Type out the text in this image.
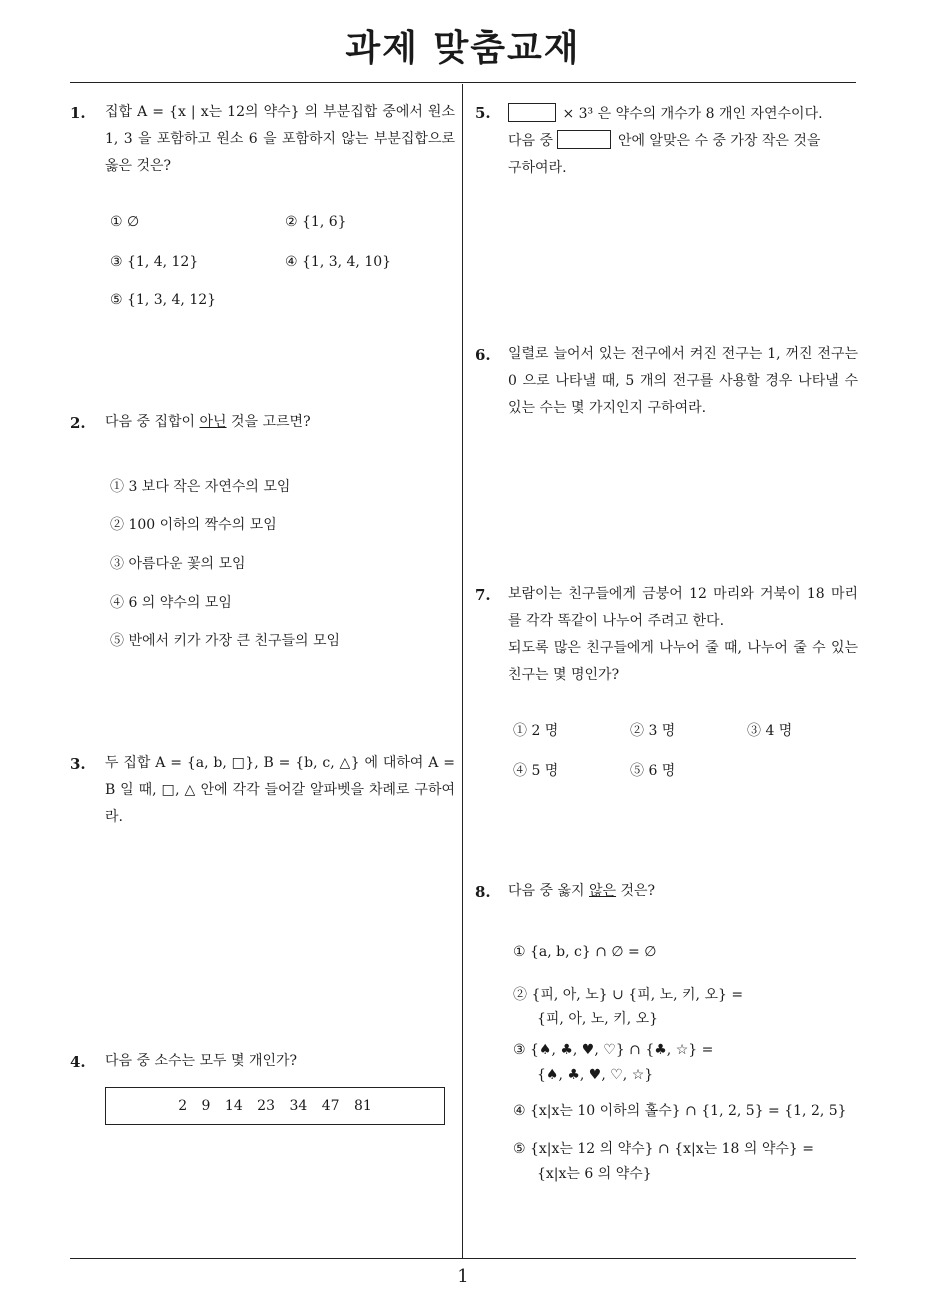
과제 맞춤교재
1. 집합 A = {x | x는 12의 약수} 의 부분집합 중에서 원소 1, 3 을 포함하고 원소 6 을 포함하지 않는 부분집합으로 옳은 것은?
① ∅	② {1, 6}
③ {1, 4, 12}	④ {1, 3, 4, 10}
⑤ {1, 3, 4, 12}
2. 다음 중 집합이 아닌 것을 고르면?
① 3 보다 작은 자연수의 모임
② 100 이하의 짝수의 모임
③ 아름다운 꽃의 모임
④ 6 의 약수의 모임
⑤ 반에서 키가 가장 큰 친구들의 모임
3. 두 집합 A = {a, b, □}, B = {b, c, △} 에 대하여 A = B 일 때, □, △ 안에 각각 들어갈 알파벳을 차례로 구하여라.
4. 다음 중 소수는 모두 몇 개인가?
2 9 14 23 34 47 81
5.	× 3³ 은 약수의 개수가 8 개인 자연수이다.

다음 중	안에 알맞은 수 중 가장 작은 것을

구하여라.

6. 일렬로 늘어서 있는 전구에서 켜진 전구는 1, 꺼진 전구는 0 으로 나타낼 때, 5 개의 전구를 사용할 경우 나타낼 수 있는 수는 몇 가지인지 구하여라.
7. 보람이는 친구들에게 금붕어 12 마리와 거북이 18 마리를 각각 똑같이 나누어 주려고 한다.

되도록 많은 친구들에게 나누어 줄 때, 나누어 줄 수 있는 친구는 몇 명인가?

① 2 명	② 3 명	③ 4 명
④ 5 명	⑤ 6 명
8. 다음 중 옳지 않은 것은?
① {a, b, c} ∩ ∅ = ∅
② {피, 아, 노} ∪ {피, 노, 키, 오} =
{피, 아, 노, 키, 오}
③ {♠, ♣, ♥, ♡} ∩ {♣, ☆} =
{♠, ♣, ♥, ♡, ☆}
④ {x|x는 10 이하의 홀수} ∩ {1, 2, 5} = {1, 2, 5}
⑤ {x|x는 12 의 약수} ∩ {x|x는 18 의 약수} =
{x|x는 6 의 약수}
1
